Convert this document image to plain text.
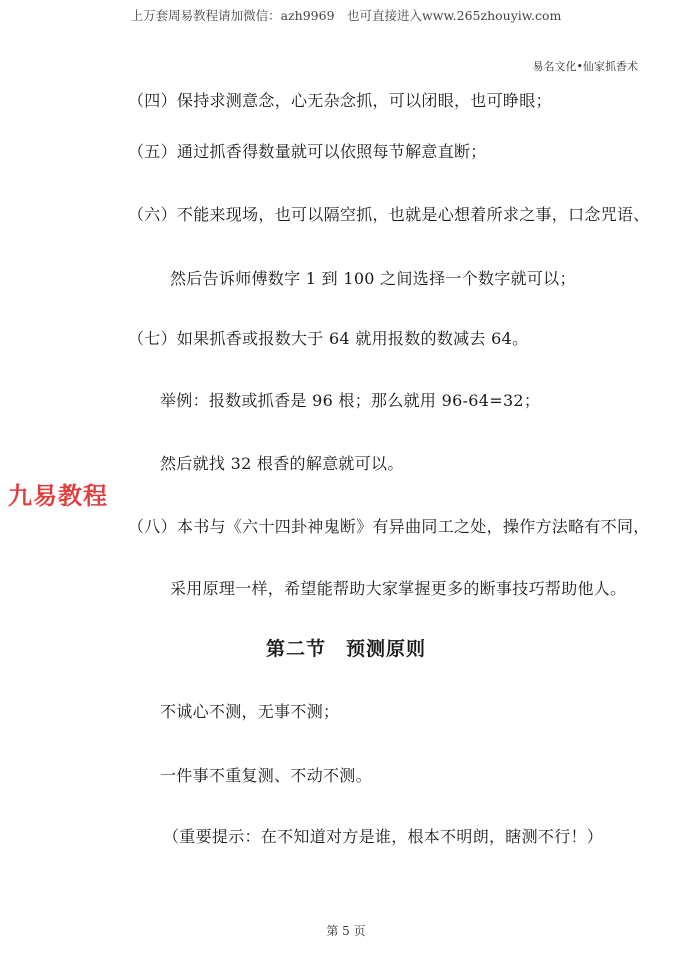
上万套周易教程请加微信：azh9969　也可直接进入www.265zhouyiw.com
易名文化•仙家抓香术
（四）保持求测意念，心无杂念抓，可以闭眼，也可睁眼；
（五）通过抓香得数量就可以依照每节解意直断；
（六）不能来现场，也可以隔空抓，也就是心想着所求之事，口念咒语、
然后告诉师傅数字 1 到 100 之间选择一个数字就可以；
（七）如果抓香或报数大于 64 就用报数的数减去 64。
举例：报数或抓香是 96 根；那么就用 96-64=32；
然后就找 32 根香的解意就可以。
（八）本书与《六十四卦神鬼断》有异曲同工之处，操作方法略有不同，
采用原理一样，希望能帮助大家掌握更多的断事技巧帮助他人。
第二节　预测原则
不诚心不测，无事不测；
一件事不重复测、不动不测。
（重要提示：在不知道对方是谁，根本不明朗，瞎测不行！）
九易教程
第 5 页
